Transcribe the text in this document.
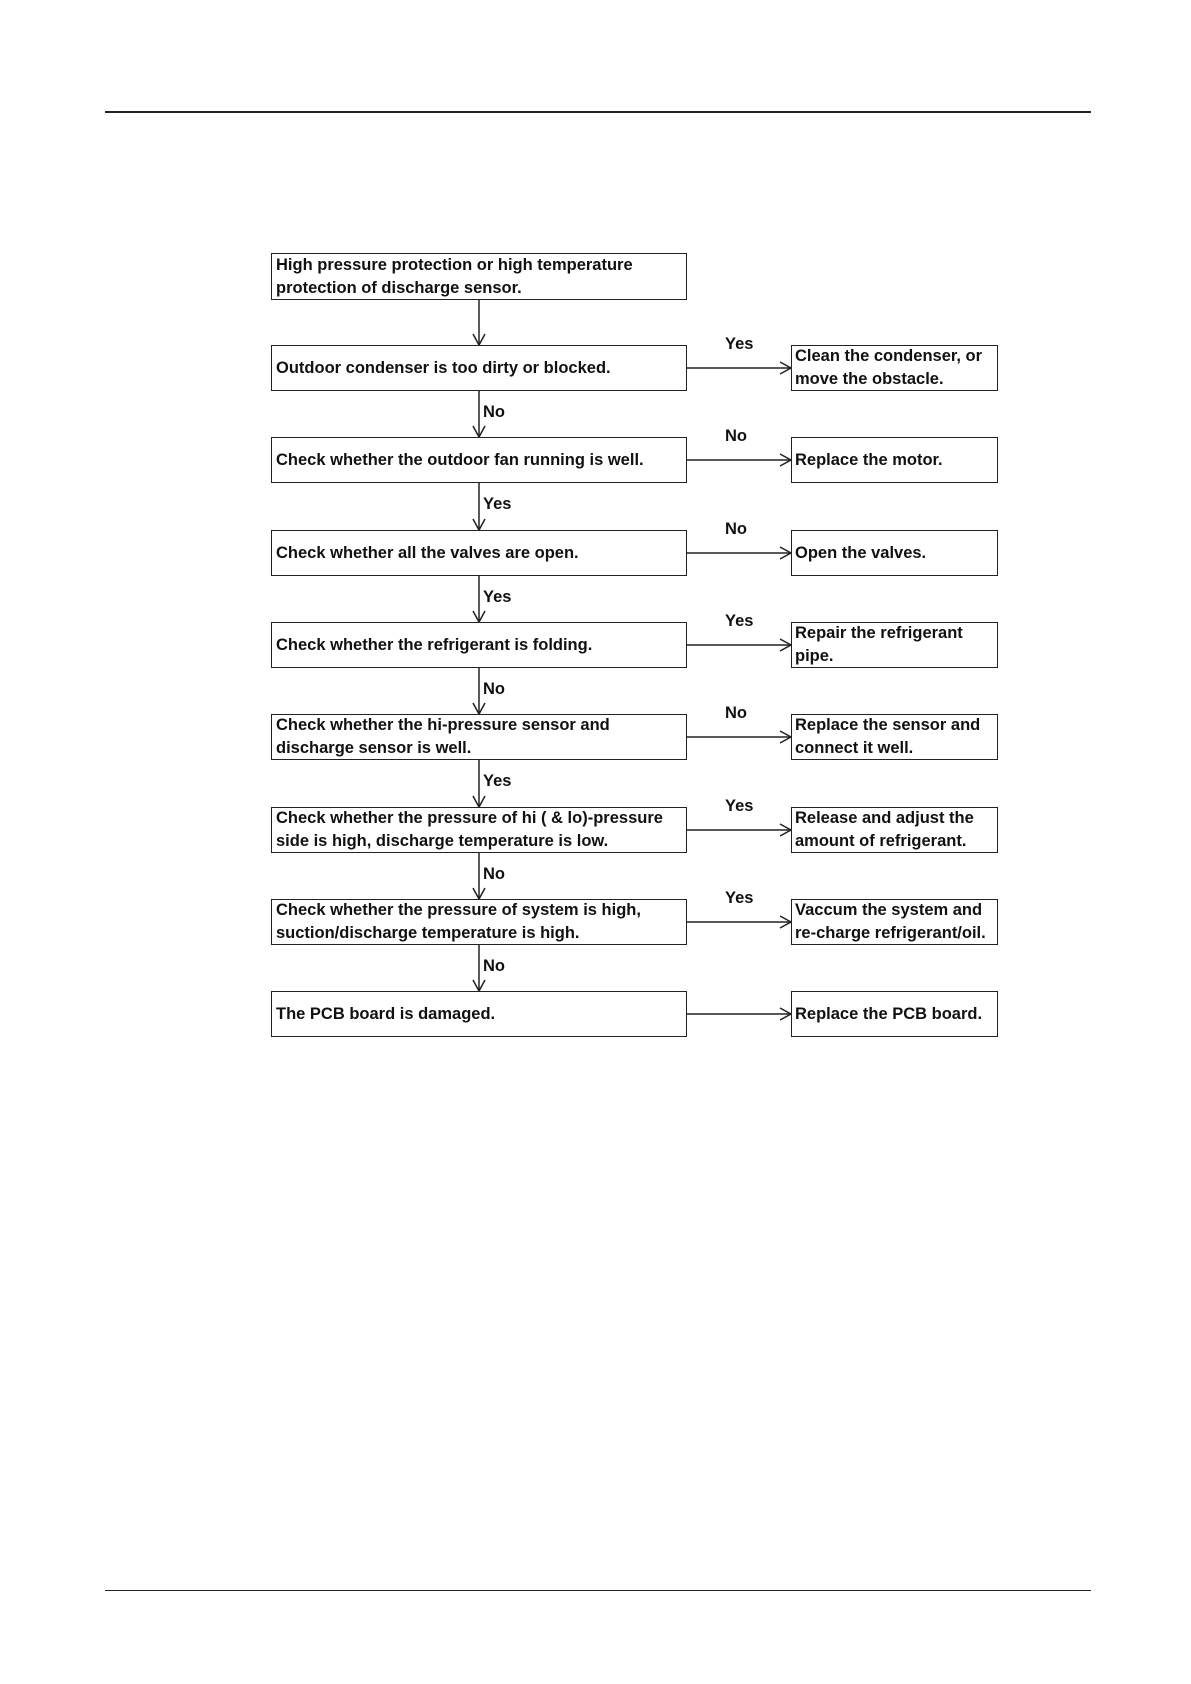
High pressure protection or high temperature
protection of discharge sensor.
Outdoor condenser is too dirty or blocked.
Clean the condenser, or
move the obstacle.
Yes
No
Check whether the outdoor fan running is well.	Replace the motor.
No
Yes
Check whether all the valves are open.	Open the valves.
No
Yes
Check whether the refrigerant is folding.
Repair the refrigerant
pipe.
Yes
No
Check whether the hi-pressure sensor and
discharge sensor is well.
Replace the sensor and
connect it well.
No
Yes
Check whether the pressure of hi ( & lo)-pressure
side is high, discharge temperature is low.
Release and adjust the
amount of refrigerant.
Yes
No
Check whether the pressure of system is high,
suction/discharge temperature is high.
Vaccum the system and
re-charge refrigerant/oil.
Yes
No
The PCB board is damaged.	Replace the PCB board.
